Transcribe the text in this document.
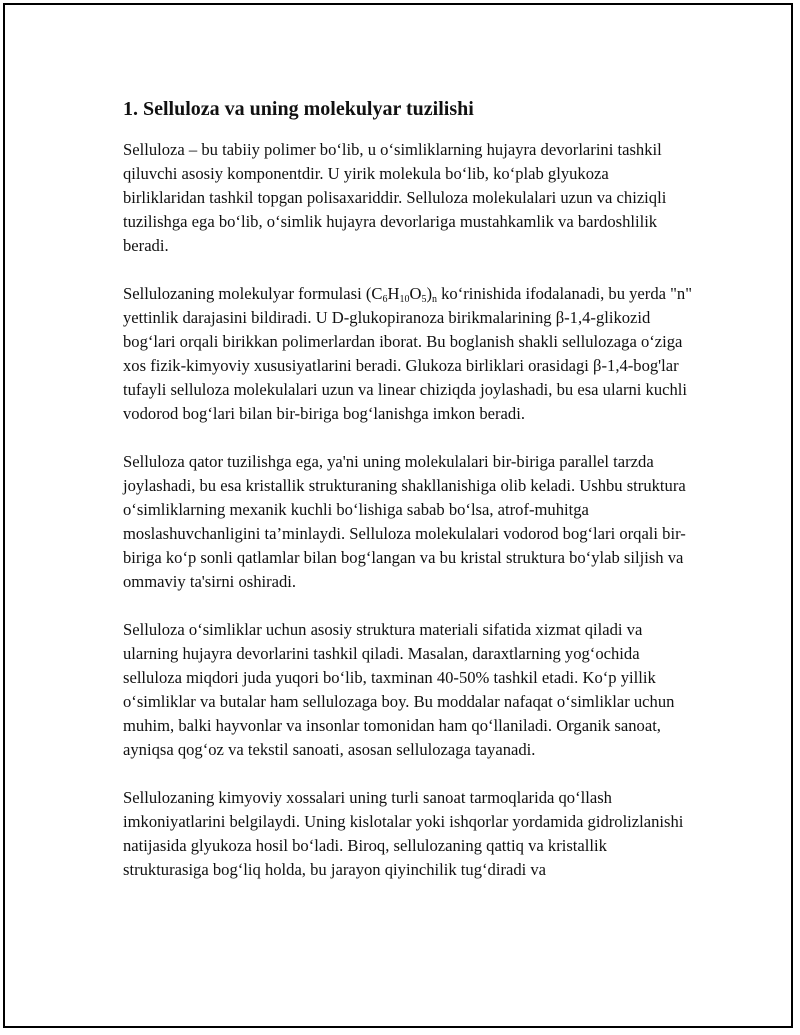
1. Selluloza va uning molekulyar tuzilishi

Selluloza – bu tabiiy polimer bo‘lib, u o‘simliklarning hujayra devorlarini tashkil qiluvchi asosiy komponentdir. U yirik molekula bo‘lib, ko‘plab glyukoza birliklaridan tashkil topgan polisaxariddir. Selluloza molekulalari uzun va chiziqli tuzilishga ega bo‘lib, o‘simlik hujayra devorlariga mustahkamlik va bardoshlilik beradi.

Sellulozaning molekulyar formulasi $(C_6H_{10}O_5)_n$ ko‘rinishida ifodalanadi, bu yerda "n" yettinlik darajasini bildiradi. U D-glukopiranoza birikmalarining β-1,4-glikozid bog‘lari orqali birikkan polimerlardan iborat. Bu boglanish shakli sellulozaga o‘ziga xos fizik-kimyoviy xususiyatlarini beradi. Glukoza birliklari orasidagi β-1,4-bog'lar tufayli selluloza molekulalari uzun va linear chiziqda joylashadi, bu esa ularni kuchli vodorod bog‘lari bilan bir-biriga bog‘lanishga imkon beradi.

Selluloza qator tuzilishga ega, ya'ni uning molekulalari bir-biriga parallel tarzda joylashadi, bu esa kristallik strukturaning shakllanishiga olib keladi. Ushbu struktura o‘simliklarning mexanik kuchli bo‘lishiga sabab bo‘lsa, atrof-muhitga moslashuvchanligini ta’minlaydi. Selluloza molekulalari vodorod bog‘lari orqali bir-biriga ko‘p sonli qatlamlar bilan bog‘langan va bu kristal struktura bo‘ylab siljish va ommaviy ta'sirni oshiradi.

Selluloza o‘simliklar uchun asosiy struktura materiali sifatida xizmat qiladi va ularning hujayra devorlarini tashkil qiladi. Masalan, daraxtlarning yog‘ochida selluloza miqdori juda yuqori bo‘lib, taxminan 40-50% tashkil etadi. Ko‘p yillik o‘simliklar va butalar ham sellulozaga boy. Bu moddalar nafaqat o‘simliklar uchun muhim, balki hayvonlar va insonlar tomonidan ham qo‘llaniladi. Organik sanoat, ayniqsa qog‘oz va tekstil sanoati, asosan sellulozaga tayanadi.

Sellulozaning kimyoviy xossalari uning turli sanoat tarmoqlarida qo‘llash imkoniyatlarini belgilaydi. Uning kislotalar yoki ishqorlar yordamida gidrolizlanishi natijasida glyukoza hosil bo‘ladi. Biroq, sellulozaning qattiq va kristallik strukturasiga bog‘liq holda, bu jarayon qiyinchilik tug‘diradi va
